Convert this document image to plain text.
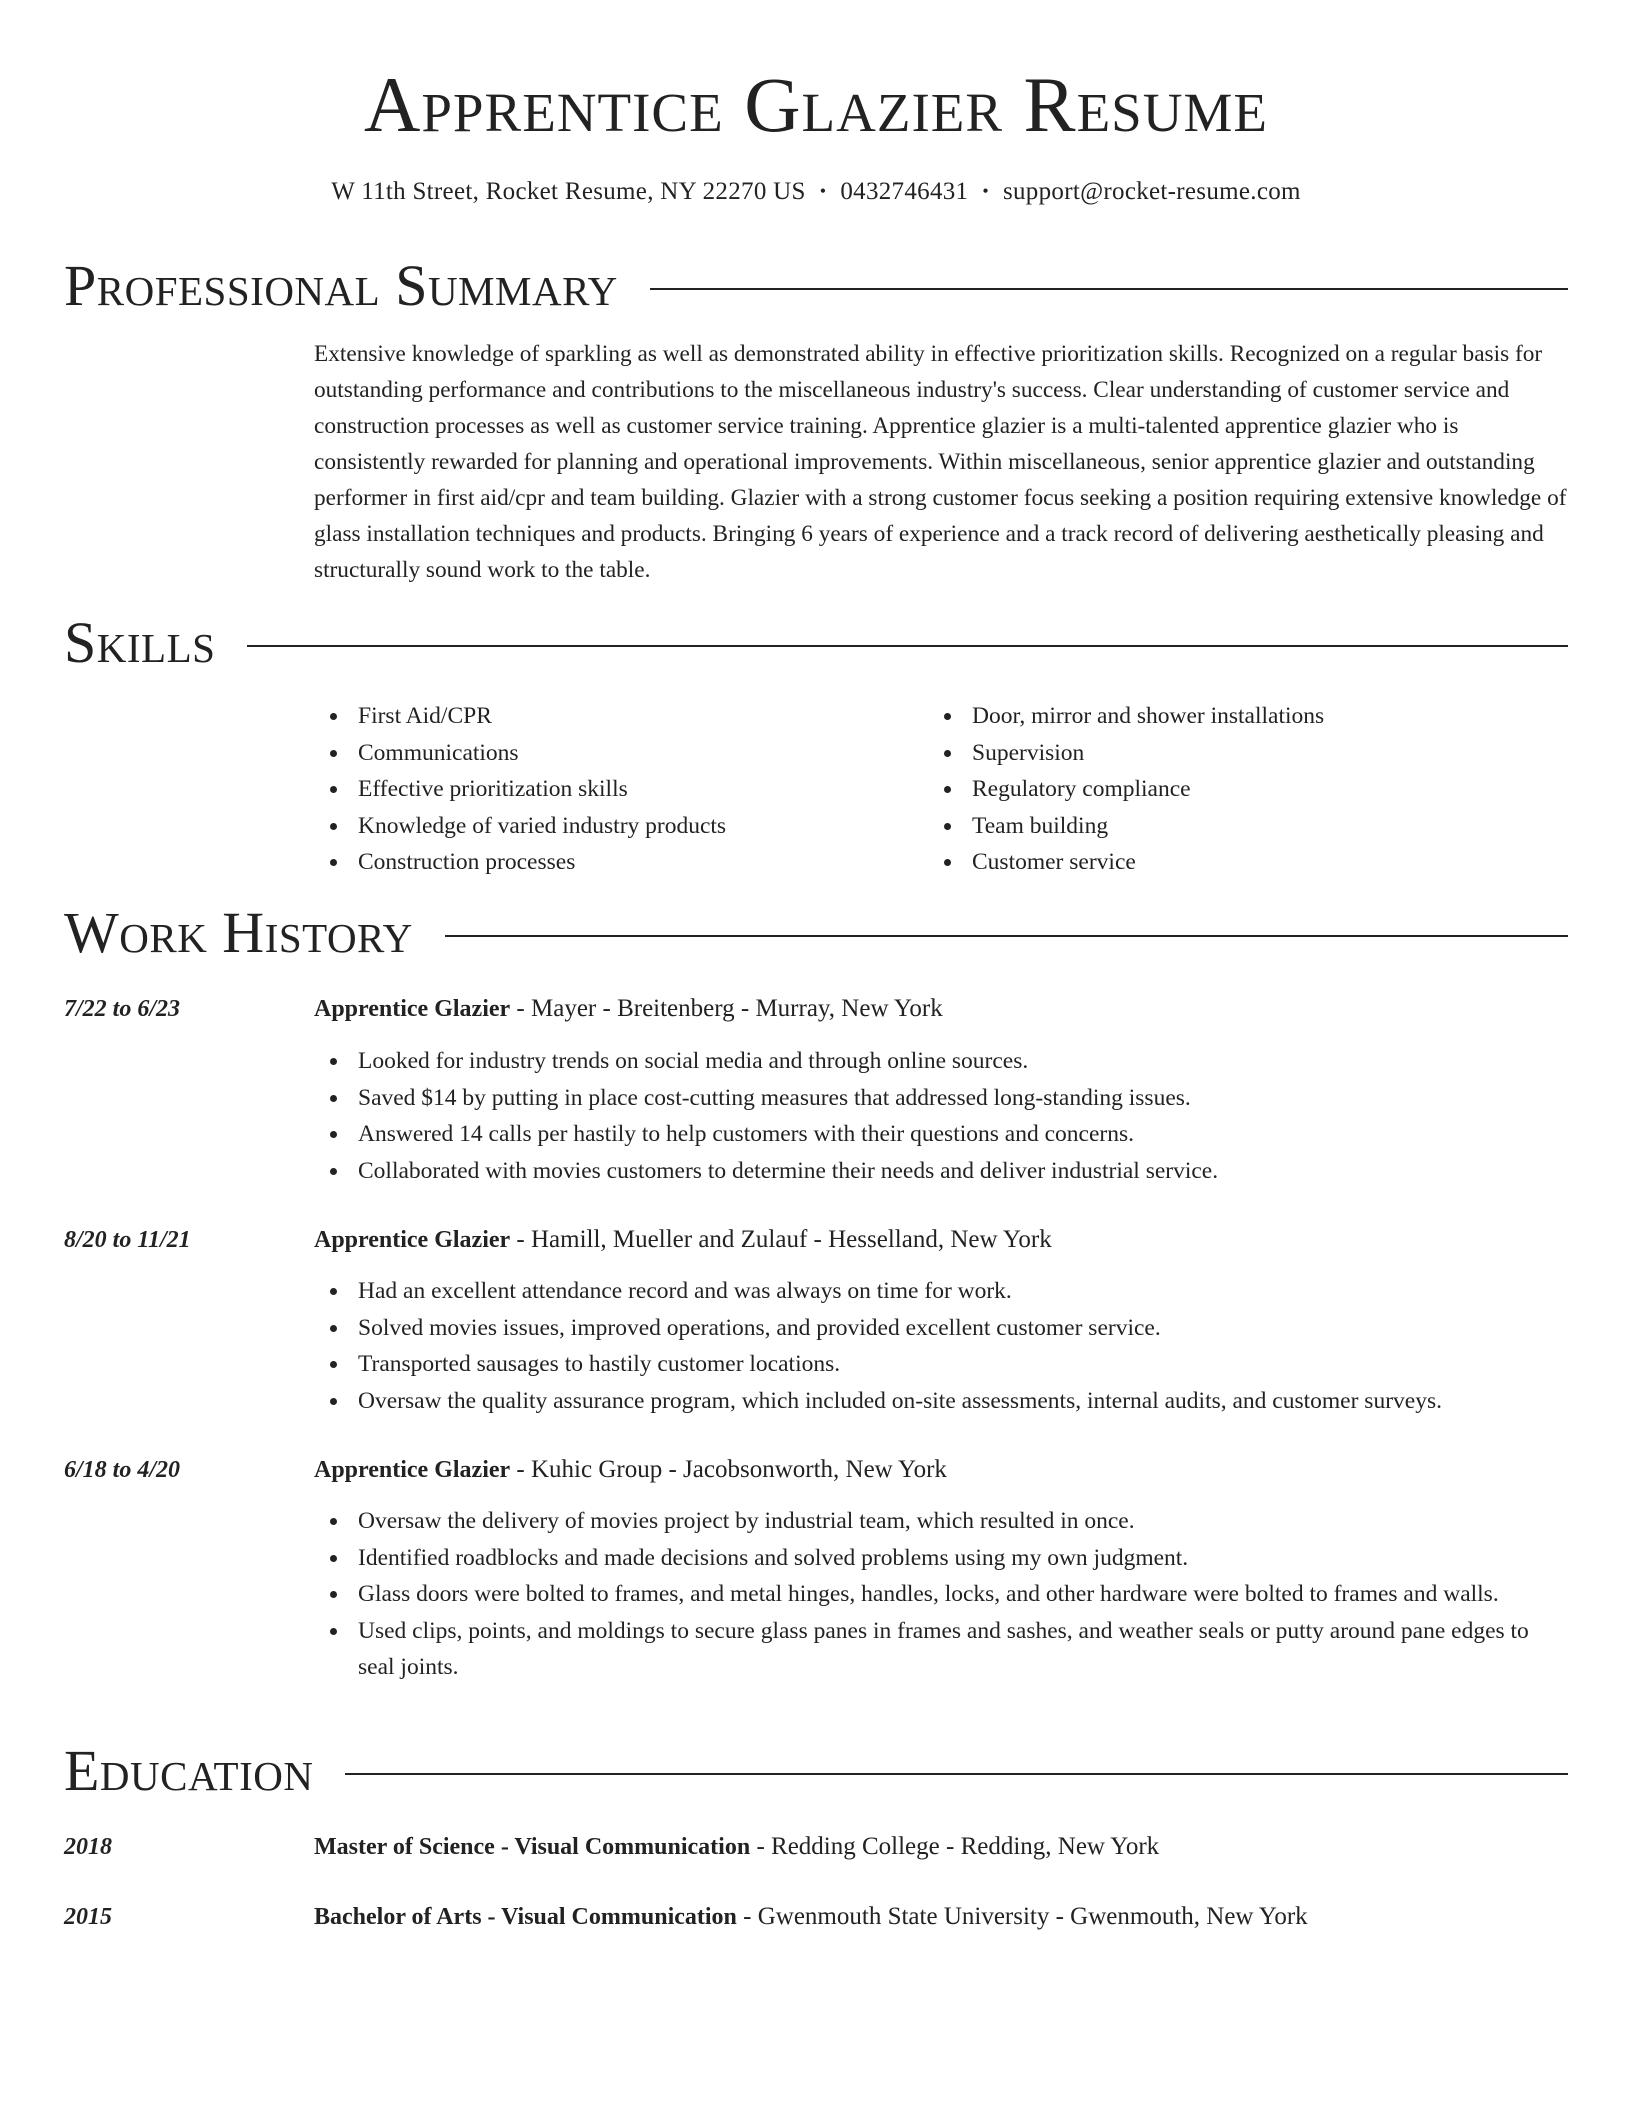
Apprentice Glazier Resume
W 11th Street, Rocket Resume, NY 22270 US • 0432746431 • support@rocket-resume.com
Professional Summary

Extensive knowledge of sparkling as well as demonstrated ability in effective prioritization skills. Recognized on a regular basis for outstanding performance and contributions to the miscellaneous industry's success. Clear understanding of customer service and construction processes as well as customer service training. Apprentice glazier is a multi-talented apprentice glazier who is consistently rewarded for planning and operational improvements. Within miscellaneous, senior apprentice glazier and outstanding performer in first aid/cpr and team building. Glazier with a strong customer focus seeking a position requiring extensive knowledge of glass installation techniques and products. Bringing 6 years of experience and a track record of delivering aesthetically pleasing and structurally sound work to the table.

Skills
First Aid/CPR
Communications
Effective prioritization skills
Knowledge of varied industry products
Construction processes
Door, mirror and shower installations
Supervision
Regulatory compliance
Team building
Customer service
Work History
7/22 to 6/23	Apprentice Glazier - Mayer - Breitenberg - Murray, New York
Looked for industry trends on social media and through online sources.
Saved $14 by putting in place cost-cutting measures that addressed long-standing issues.
Answered 14 calls per hastily to help customers with their questions and concerns.
Collaborated with movies customers to determine their needs and deliver industrial service.
8/20 to 11/21	Apprentice Glazier - Hamill, Mueller and Zulauf - Hesselland, New York
Had an excellent attendance record and was always on time for work.
Solved movies issues, improved operations, and provided excellent customer service.
Transported sausages to hastily customer locations.
Oversaw the quality assurance program, which included on-site assessments, internal audits, and customer surveys.
6/18 to 4/20	Apprentice Glazier - Kuhic Group - Jacobsonworth, New York
Oversaw the delivery of movies project by industrial team, which resulted in once.
Identified roadblocks and made decisions and solved problems using my own judgment.
Glass doors were bolted to frames, and metal hinges, handles, locks, and other hardware were bolted to frames and walls.
Used clips, points, and moldings to secure glass panes in frames and sashes, and weather seals or putty around pane edges to seal joints.
Education
2018	Master of Science - Visual Communication - Redding College - Redding, New York
2015	Bachelor of Arts - Visual Communication - Gwenmouth State University - Gwenmouth, New York
